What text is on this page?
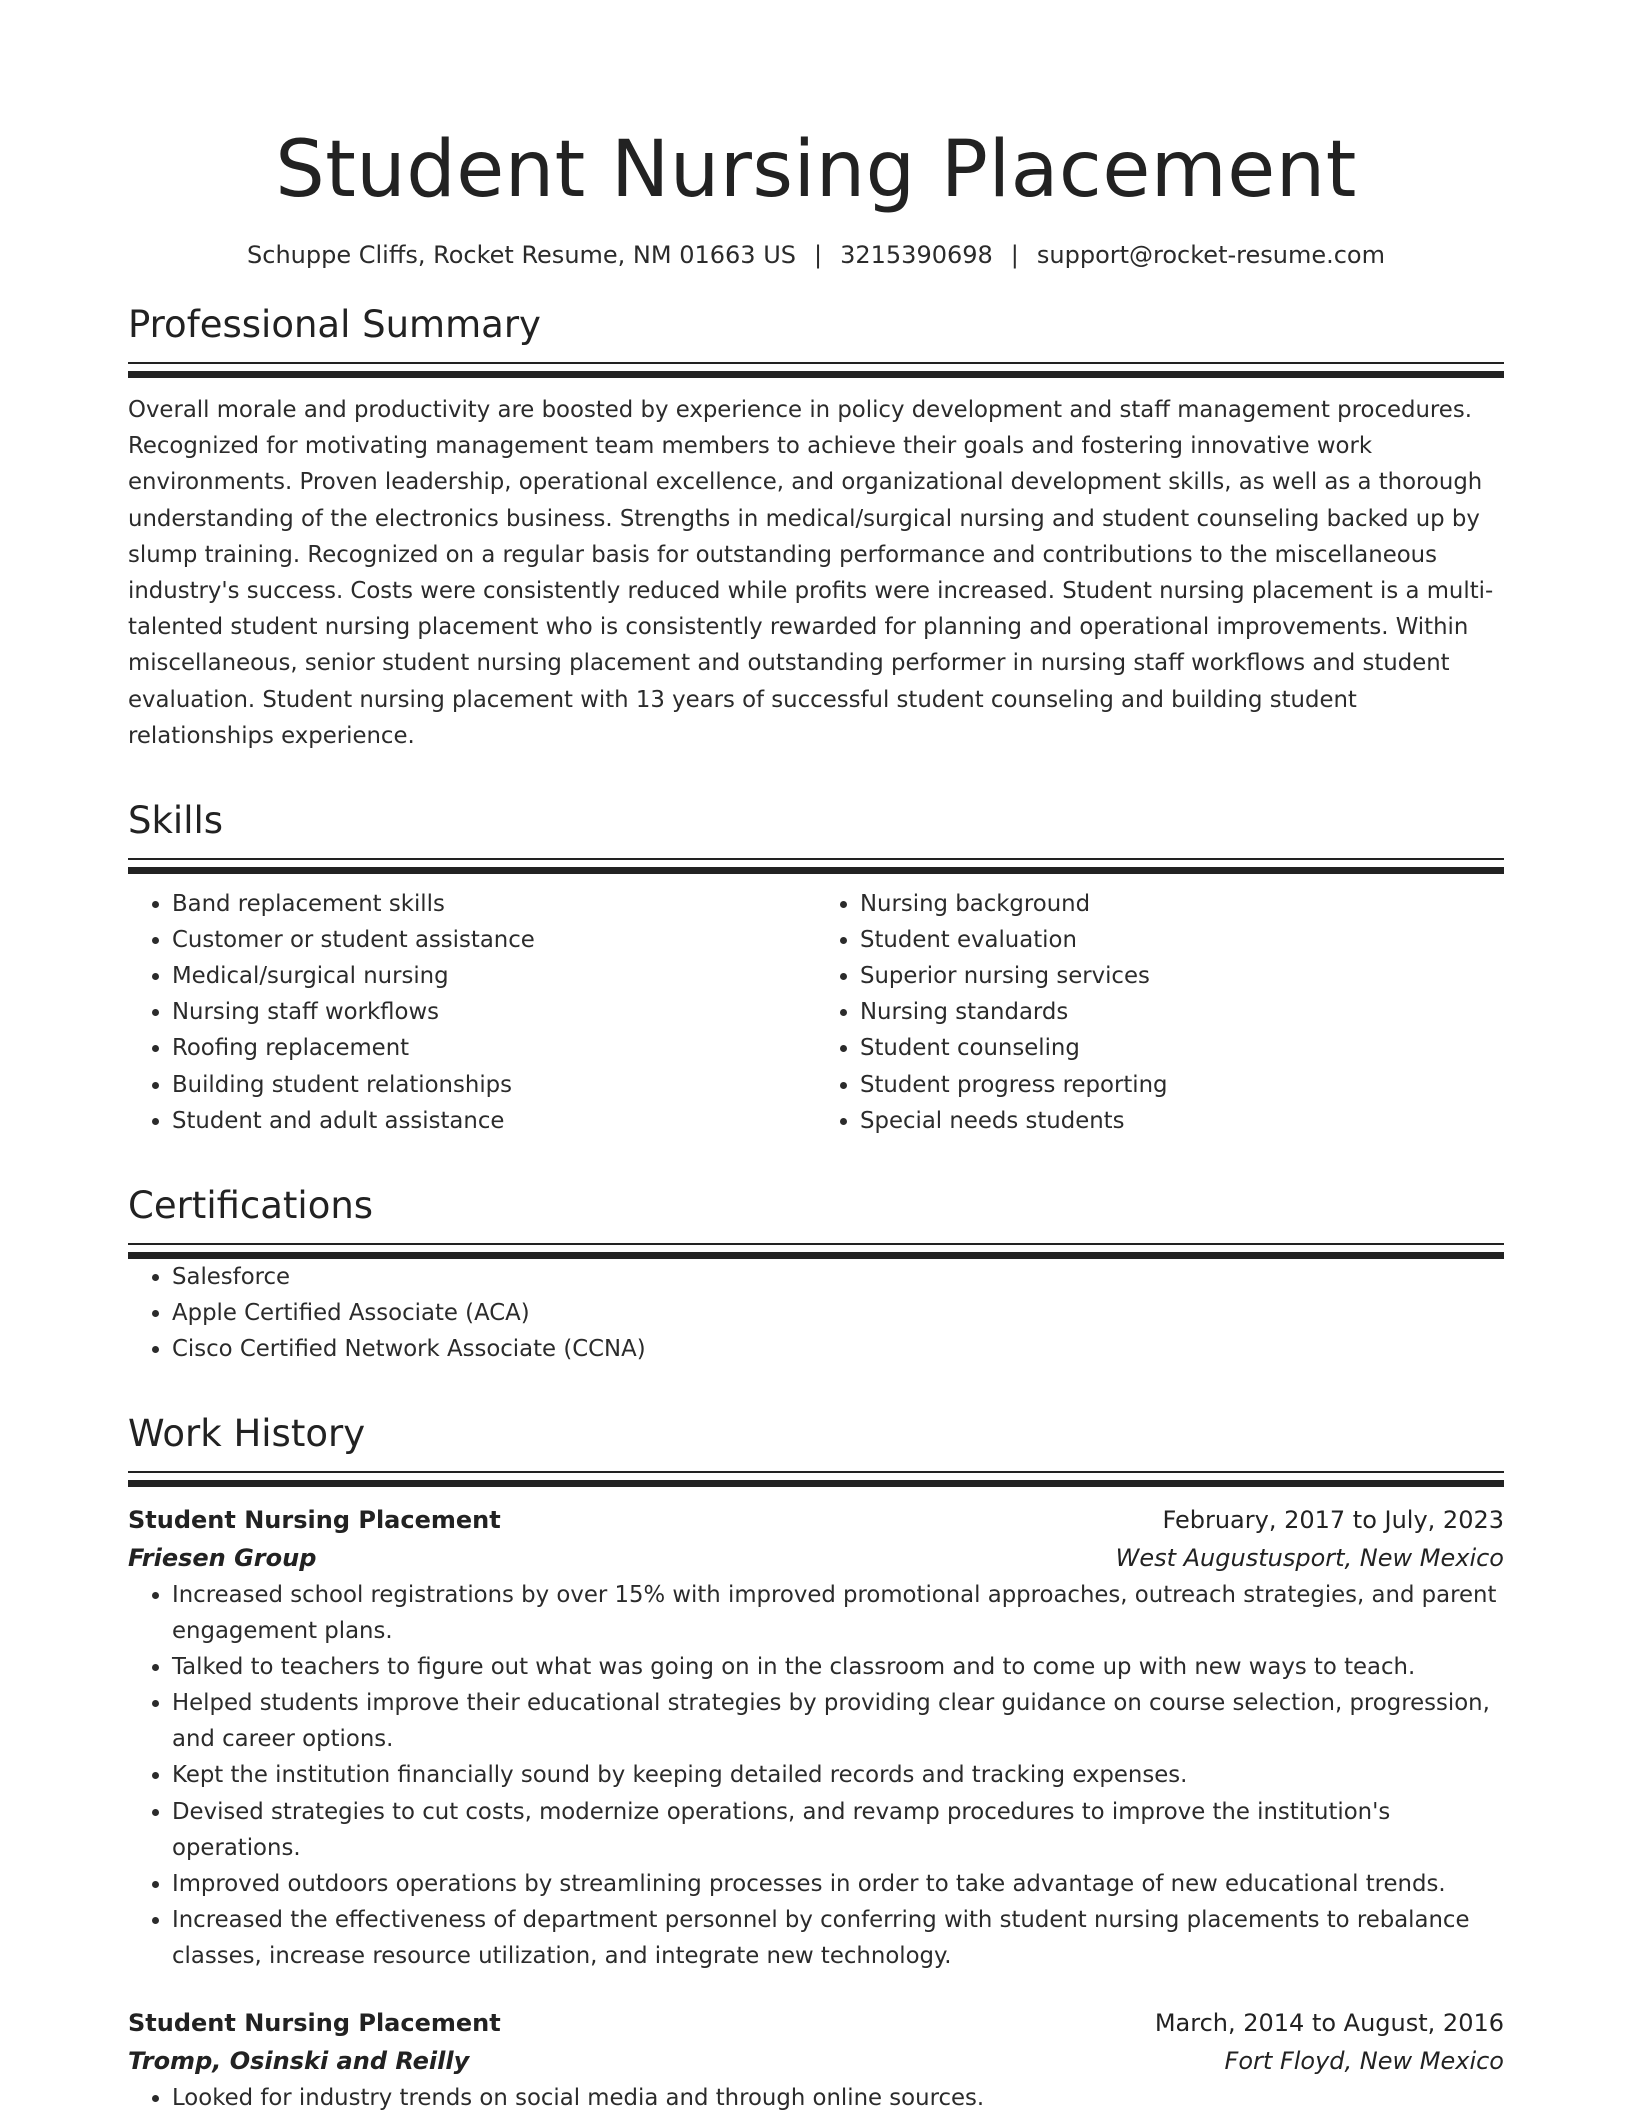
Student Nursing Placement
Schuppe Cliffs, Rocket Resume, NM 01663 US | 3215390698 | support@rocket-resume.com
Professional Summary

Overall morale and productivity are boosted by experience in policy development and staff management procedures. Recognized for motivating management team members to achieve their goals and fostering innovative work environments. Proven leadership, operational excellence, and organizational development skills, as well as a thorough understanding of the electronics business. Strengths in medical/surgical nursing and student counseling backed up by slump training. Recognized on a regular basis for outstanding performance and contributions to the miscellaneous industry's success. Costs were consistently reduced while profits were increased. Student nursing placement is a multi-talented student nursing placement who is consistently rewarded for planning and operational improvements. Within miscellaneous, senior student nursing placement and outstanding performer in nursing staff workflows and student evaluation. Student nursing placement with 13 years of successful student counseling and building student relationships experience.

Skills
• Band replacement skills
• Customer or student assistance
• Medical/surgical nursing
• Nursing staff workflows
• Roofing replacement
• Building student relationships
• Student and adult assistance
• Nursing background
• Student evaluation
• Superior nursing services
• Nursing standards
• Student counseling
• Student progress reporting
• Special needs students
Certifications
• Salesforce
• Apple Certified Associate (ACA)
• Cisco Certified Network Associate (CCNA)
Work History
Student Nursing Placement	February, 2017 to July, 2023
Friesen Group	West Augustusport, New Mexico
• Increased school registrations by over 15% with improved promotional approaches, outreach strategies, and parent engagement plans.
• Talked to teachers to figure out what was going on in the classroom and to come up with new ways to teach.
• Helped students improve their educational strategies by providing clear guidance on course selection, progression, and career options.
• Kept the institution financially sound by keeping detailed records and tracking expenses.
• Devised strategies to cut costs, modernize operations, and revamp procedures to improve the institution's operations.
• Improved outdoors operations by streamlining processes in order to take advantage of new educational trends.
• Increased the effectiveness of department personnel by conferring with student nursing placements to rebalance classes, increase resource utilization, and integrate new technology.
Student Nursing Placement	March, 2014 to August, 2016
Tromp, Osinski and Reilly	Fort Floyd, New Mexico
• Looked for industry trends on social media and through online sources.
